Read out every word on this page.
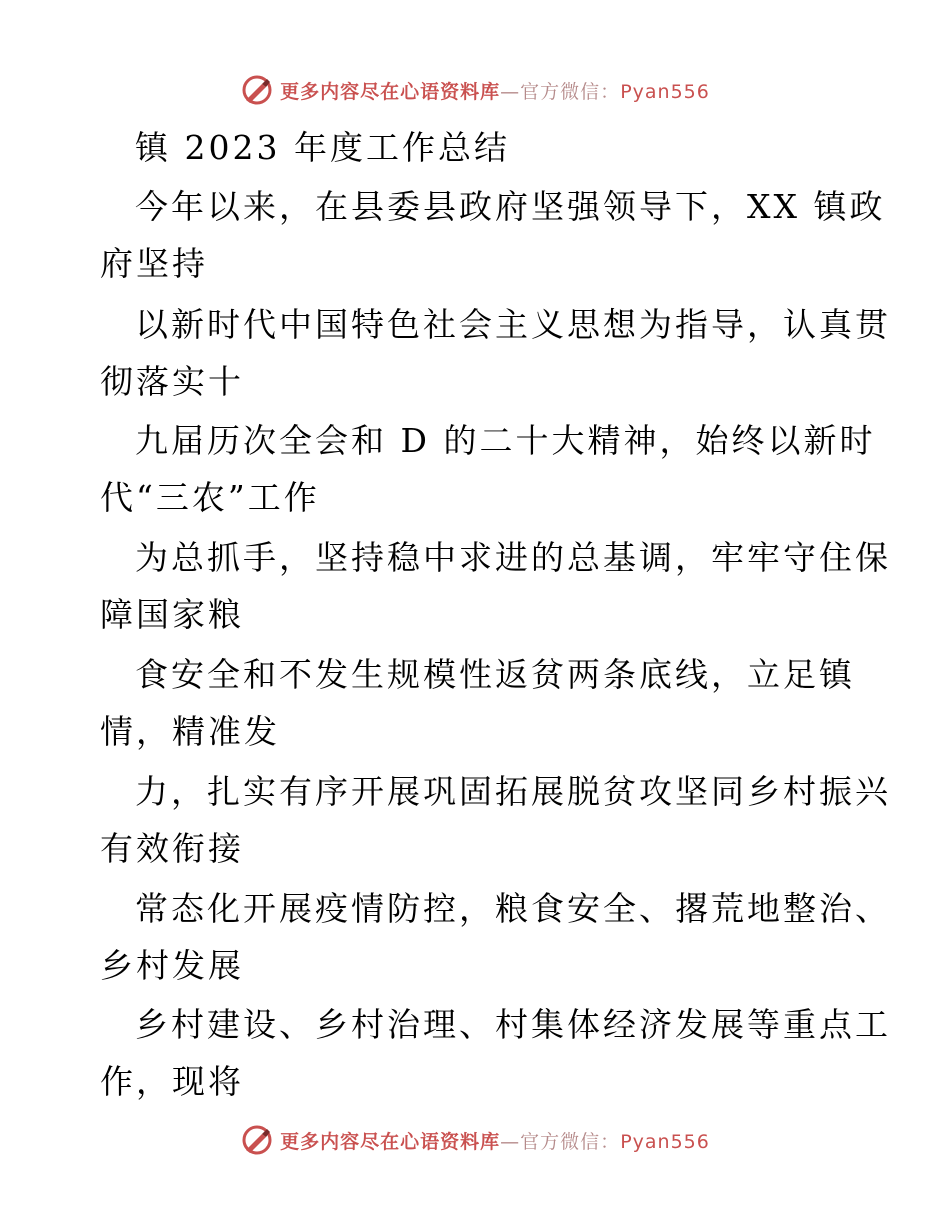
更多内容尽在心语资料库—官方微信：Pyan556
镇 2023 年度工作总结
今年以来，在县委县政府坚强领导下，XX 镇政
府坚持
以新时代中国特色社会主义思想为指导，认真贯
彻落实十
九届历次全会和 D 的二十大精神，始终以新时
代“三农”工作
为总抓手，坚持稳中求进的总基调，牢牢守住保
障国家粮
食安全和不发生规模性返贫两条底线，立足镇
情，精准发
力，扎实有序开展巩固拓展脱贫攻坚同乡村振兴
有效衔接
常态化开展疫情防控，粮食安全、撂荒地整治、
乡村发展
乡村建设、乡村治理、村集体经济发展等重点工
作，现将
更多内容尽在心语资料库—官方微信：Pyan556
